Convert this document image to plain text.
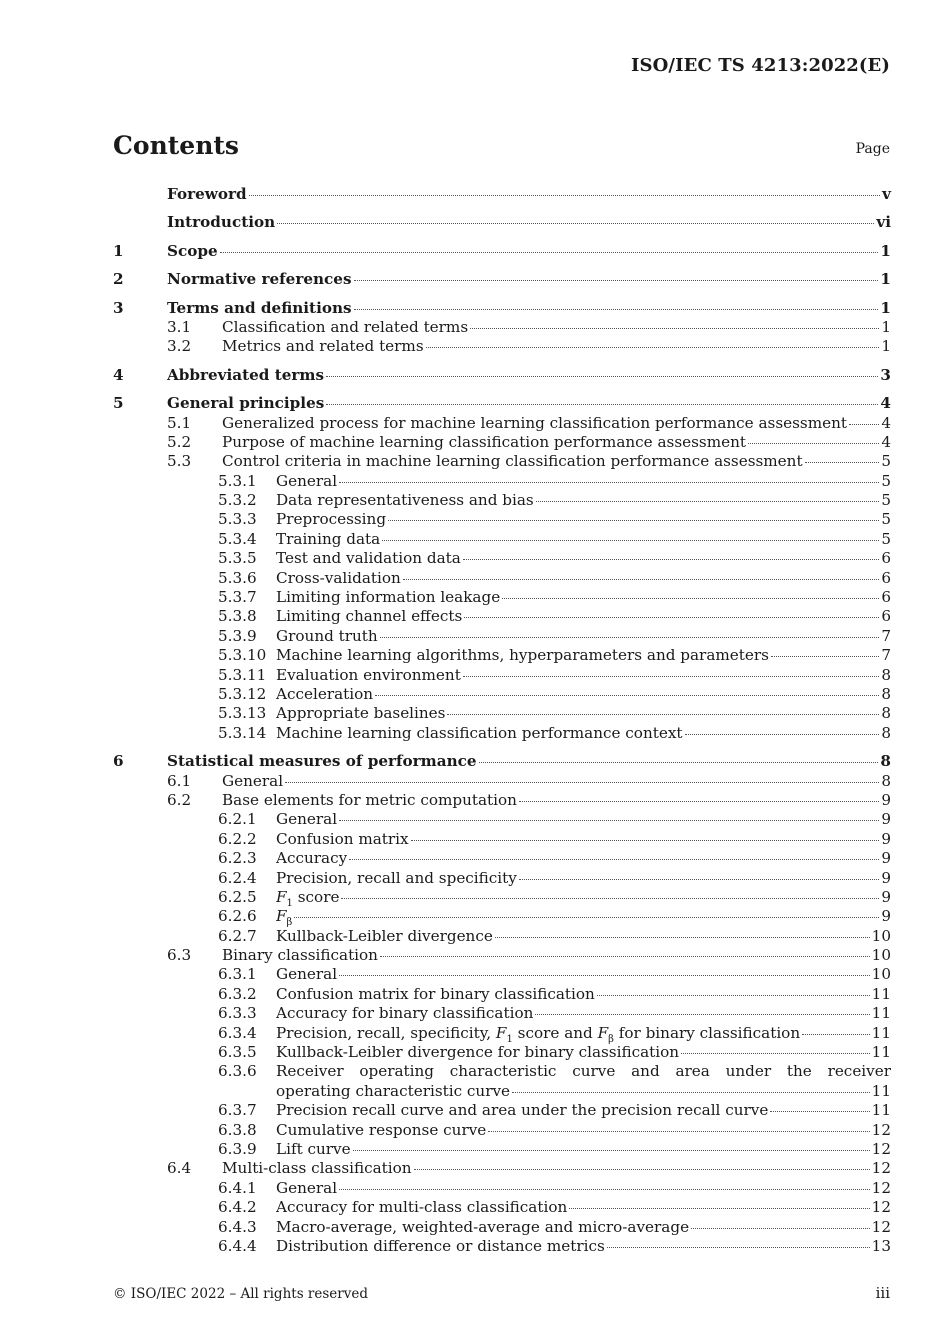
ISO/IEC TS 4213:2022(E)
Contents	Page
Foreword	v
Introduction	vi
1	Scope	1
2	Normative references	1
3	Terms and definitions	1
3.1	Classification and related terms	1
3.2	Metrics and related terms	1
4	Abbreviated terms	3
5	General principles	4
5.1	Generalized process for machine learning classification performance assessment 4
5.2	Purpose of machine learning classification performance assessment	4
5.3	Control criteria in machine learning classification performance assessment	5
5.3.1	General	5
5.3.2	Data representativeness and bias	5
5.3.3	Preprocessing	5
5.3.4	Training data	5
5.3.5	Test and validation data	6
5.3.6	Cross-validation	6
5.3.7	Limiting information leakage	6
5.3.8	Limiting channel effects	6
5.3.9	Ground truth	7
5.3.10 Machine learning algorithms, hyperparameters and parameters	7
5.3.11 Evaluation environment	8
5.3.12 Acceleration	8
5.3.13 Appropriate baselines	8
5.3.14 Machine learning classification performance context	8
6	Statistical measures of performance	8
6.1	General	8
6.2	Base elements for metric computation	9
6.2.1	General	9
6.2.2	Confusion matrix	9
6.2.3	Accuracy	9
6.2.4	Precision, recall and specificity	9
6.2.5	$F_1$ score	9
6.2.6	$F_\beta$	9
6.2.7	Kullback-Leibler divergence	10
6.3	Binary classification	10
6.3.1	General	10
6.3.2	Confusion matrix for binary classification	11
6.3.3	Accuracy for binary classification	11
6.3.4	Precision, recall, specificity, $F_1$ score and $F_\beta$ for binary classification	11
6.3.5	Kullback-Leibler divergence for binary classification	11
6.3.6	Receiver operating characteristic curve and area under the receiver
operating characteristic curve	11
6.3.7	Precision recall curve and area under the precision recall curve	11
6.3.8	Cumulative response curve	12
6.3.9	Lift curve	12
6.4	Multi-class classification	12
6.4.1	General	12
6.4.2	Accuracy for multi-class classification	12
6.4.3	Macro-average, weighted-average and micro-average	12
6.4.4	Distribution difference or distance metrics	13
© ISO/IEC 2022 – All rights reserved	iii
